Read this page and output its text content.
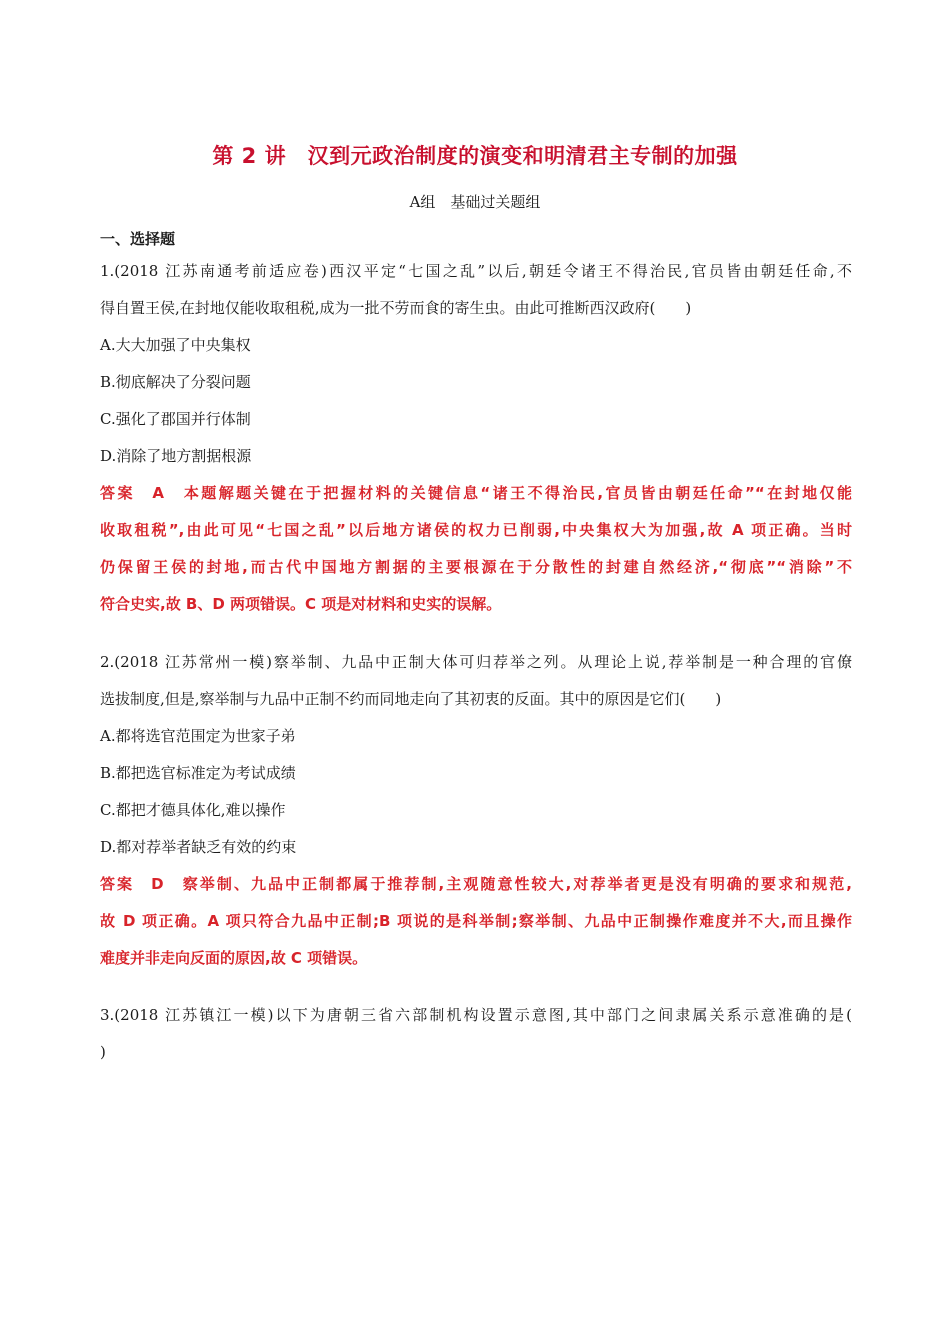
第 2 讲　汉到元政治制度的演变和明清君主专制的加强
A组　基础过关题组
一、选择题
1.(2018 江苏南通考前适应卷)西汉平定“七国之乱”以后,朝廷令诸王不得治民,官员皆由朝廷任命,不
得自置王侯,在封地仅能收取租税,成为一批不劳而食的寄生虫。由此可推断西汉政府(　　)
A.大大加强了中央集权
B.彻底解决了分裂问题
C.强化了郡国并行体制
D.消除了地方割据根源
答案　A　本题解题关键在于把握材料的关键信息“诸王不得治民,官员皆由朝廷任命”“在封地仅能
收取租税”,由此可见“七国之乱”以后地方诸侯的权力已削弱,中央集权大为加强,故 A 项正确。当时
仍保留王侯的封地,而古代中国地方割据的主要根源在于分散性的封建自然经济,“彻底”“消除”不
符合史实,故 B、D 两项错误。C 项是对材料和史实的误解。
2.(2018 江苏常州一模)察举制、九品中正制大体可归荐举之列。从理论上说,荐举制是一种合理的官僚
选拔制度,但是,察举制与九品中正制不约而同地走向了其初衷的反面。其中的原因是它们(　　)
A.都将选官范围定为世家子弟
B.都把选官标准定为考试成绩
C.都把才德具体化,难以操作
D.都对荐举者缺乏有效的约束
答案　D　察举制、九品中正制都属于推荐制,主观随意性较大,对荐举者更是没有明确的要求和规范,
故 D 项正确。A 项只符合九品中正制;B 项说的是科举制;察举制、九品中正制操作难度并不大,而且操作
难度并非走向反面的原因,故 C 项错误。
3.(2018 江苏镇江一模)以下为唐朝三省六部制机构设置示意图,其中部门之间隶属关系示意准确的是(
)
